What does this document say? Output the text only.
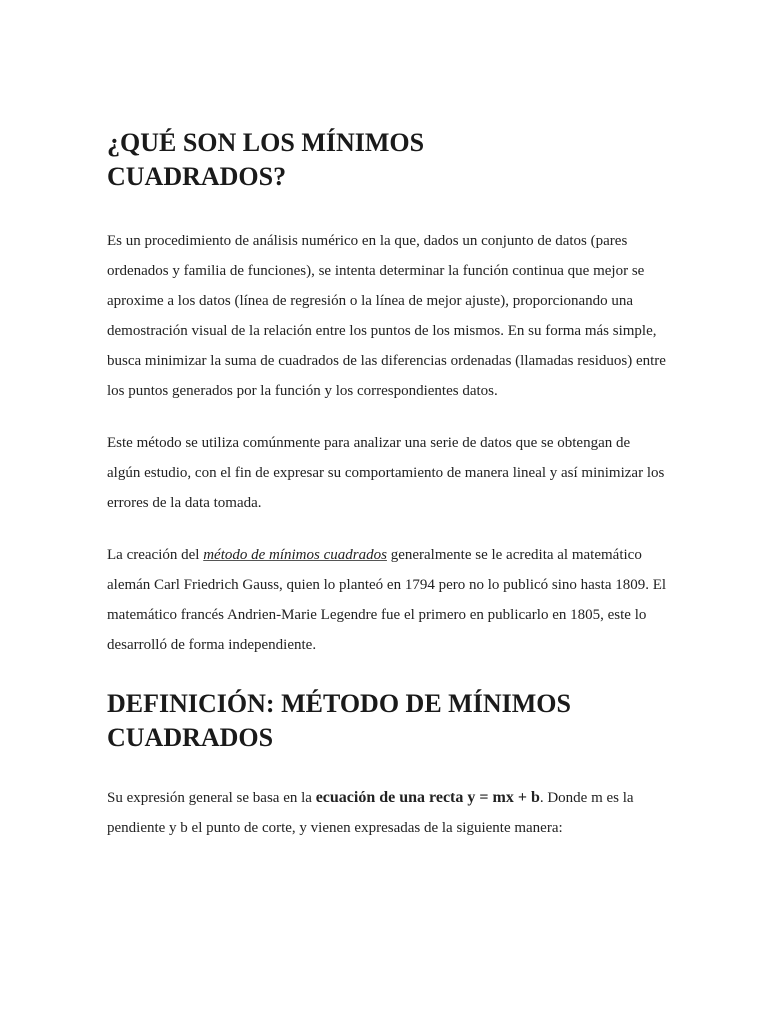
¿QUÉ SON LOS MÍNIMOS
CUADRADOS?

Es un procedimiento de análisis numérico en la que, dados un conjunto de datos (pares ordenados y familia de funciones), se intenta determinar la función continua que mejor se aproxime a los datos (línea de regresión o la línea de mejor ajuste), proporcionando una demostración visual de la relación entre los puntos de los mismos. En su forma más simple, busca minimizar la suma de cuadrados de las diferencias ordenadas (llamadas residuos) entre los puntos generados por la función y los correspondientes datos.

Este método se utiliza comúnmente para analizar una serie de datos que se obtengan de algún estudio, con el fin de expresar su comportamiento de manera lineal y así minimizar los errores de la data tomada.

La creación del método de mínimos cuadrados generalmente se le acredita al matemático alemán Carl Friedrich Gauss, quien lo planteó en 1794 pero no lo publicó sino hasta 1809. El matemático francés Andrien-Marie Legendre fue el primero en publicarlo en 1805, este lo desarrolló de forma independiente.

DEFINICIÓN: MÉTODO DE MÍNIMOS
CUADRADOS

Su expresión general se basa en la ecuación de una recta y = mx + b. Donde m es la pendiente y b el punto de corte, y vienen expresadas de la siguiente manera:
